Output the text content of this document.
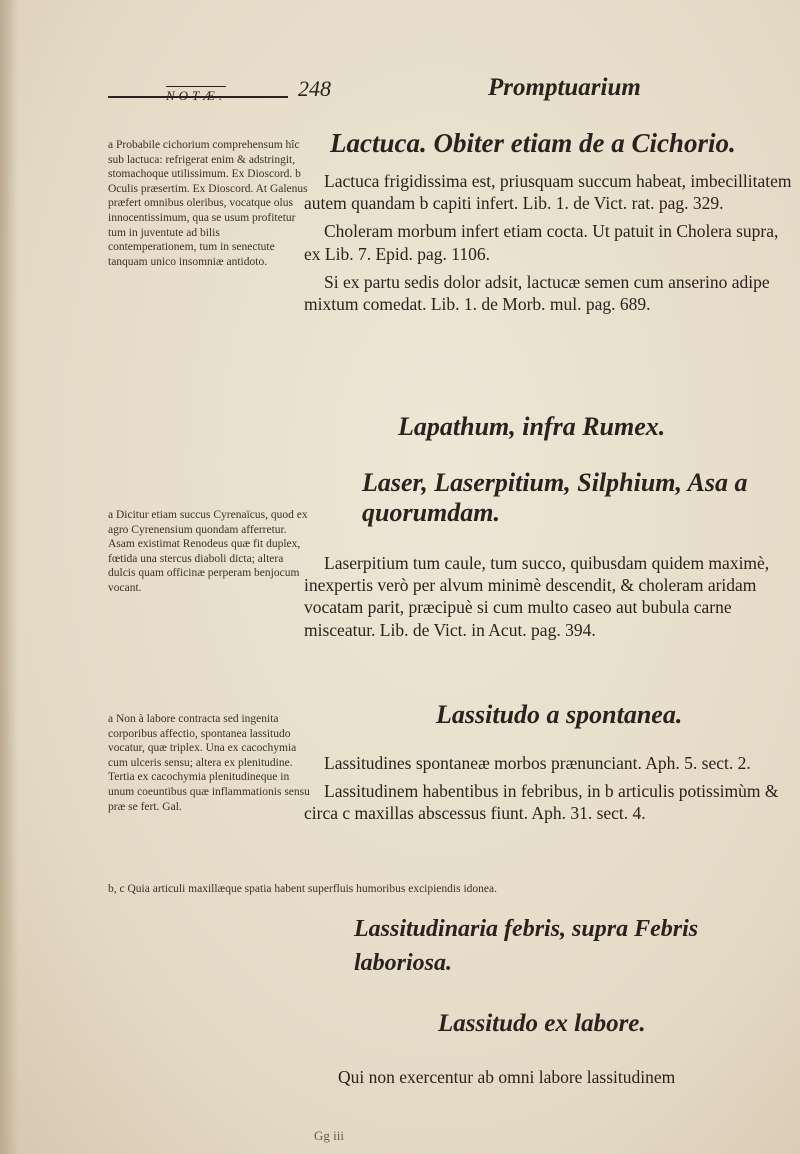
NOTÆ.	248	Promptuarium

a Probabile cichorium comprehensum hîc sub lactuca: refrigerat enim & adstringit, stomachoque utilissimum. Ex Dioscord. b Oculis præsertim. Ex Dioscord. At Galenus præfert omnibus oleribus, vocatque olus innocentissimum, qua se usum profitetur tum in juventute ad bilis contemperationem, tum in senectute tanquam unico insomniæ antidoto.

a Dicitur etiam succus Cyrenaïcus, quod ex agro Cyrenensium quondam afferretur. Asam existimat Renodeus quæ fit duplex, fœtida una stercus diaboli dicta; altera dulcis quam officinæ perperam benjocum vocant.

a Non à labore contracta sed ingenita corporibus affectio, spontanea lassitudo vocatur, quæ triplex. Una ex cacochymia cum ulceris sensu; altera ex plenitudine. Tertia ex cacochymia plenitudineque in unum coeuntibus quæ inflammationis sensu præ se fert. Gal.

Lactuca. Obiter etiam de a Cichorio.

Lactuca frigidissima est, priusquam succum habeat, imbecillitatem autem quandam b capiti infert. Lib. 1. de Vict. rat. pag. 329.

Choleram morbum infert etiam cocta. Ut patuit in Cholera supra, ex Lib. 7. Epid. pag. 1106.

Si ex partu sedis dolor adsit, lactucæ semen cum anserino adipe mixtum comedat. Lib. 1. de Morb. mul. pag. 689.

Lapathum, infra Rumex.
Laser, Laserpitium, Silphium, Asa a quorumdam.

Laserpitium tum caule, tum succo, quibusdam quidem maximè, inexpertis verò per alvum minimè descendit, & choleram aridam vocatam parit, præcipuè si cum multo caseo aut bubula carne misceatur. Lib. de Vict. in Acut. pag. 394.

Lassitudo a spontanea.

Lassitudines spontaneæ morbos prænunciant. Aph. 5. sect. 2.

Lassitudinem habentibus in febribus, in b articulis potissimùm & circa c maxillas abscessus fiunt. Aph. 31. sect. 4.

b, c Quia articuli maxillæque spatia habent superfluis humoribus excipiendis idonea.
Lassitudinaria febris, supra Febris laboriosa.
Lassitudo ex labore.
Qui non exercentur ab omni labore lassitudinem
Gg iii
